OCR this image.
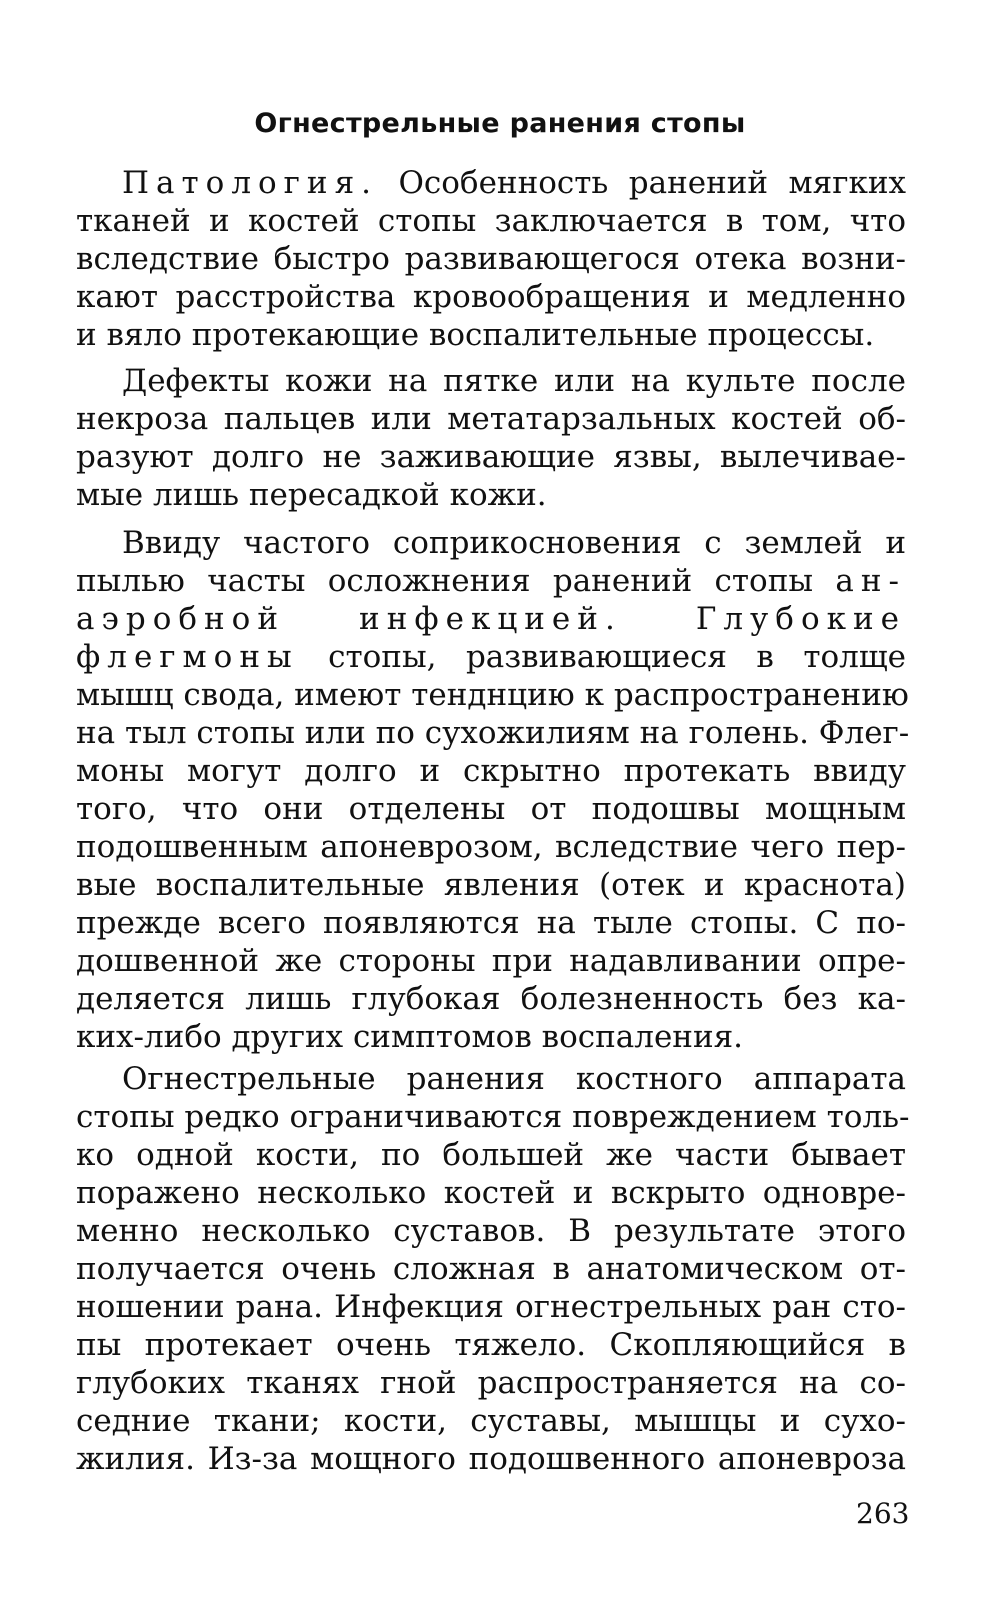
Огнестрельные ранения стопы
Патология. Особенность ранений мягких
тканей и костей стопы заключается в том, что
вследствие быстро развивающегося отека возни-
кают расстройства кровообращения и медленно
и вяло протекающие воспалительные процессы.
Дефекты кожи на пятке или на культе после
некроза пальцев или метатарзальных костей об-
разуют долго не заживающие язвы, вылечивае-
мые лишь пересадкой кожи.
Ввиду частого соприкосновения с землей и
пылью часты осложнения ранений стопы ан-
аэробной инфекцией. Глубокие
флегмоны стопы, развивающиеся в толще
мышц свода, имеют тенднцию к распространению
на тыл стопы или по сухожилиям на голень. Флег-
моны могут долго и скрытно протекать ввиду
того, что они отделены от подошвы мощным
подошвенным апоневрозом, вследствие чего пер-
вые воспалительные явления (отек и краснота)
прежде всего появляются на тыле стопы. С по-
дошвенной же стороны при надавливании опре-
деляется лишь глубокая болезненность без ка-
ких-либо других симптомов воспаления.
Огнестрельные ранения костного аппарата
стопы редко ограничиваются повреждением толь-
ко одной кости, по большей же части бывает
поражено несколько костей и вскрыто одновре-
менно несколько суставов. В результате этого
получается очень сложная в анатомическом от-
ношении рана. Инфекция огнестрельных ран сто-
пы протекает очень тяжело. Скопляющийся в
глубоких тканях гной распространяется на со-
седние ткани; кости, суставы, мышцы и сухо-
жилия. Из-за мощного подошвенного апоневроза
263
